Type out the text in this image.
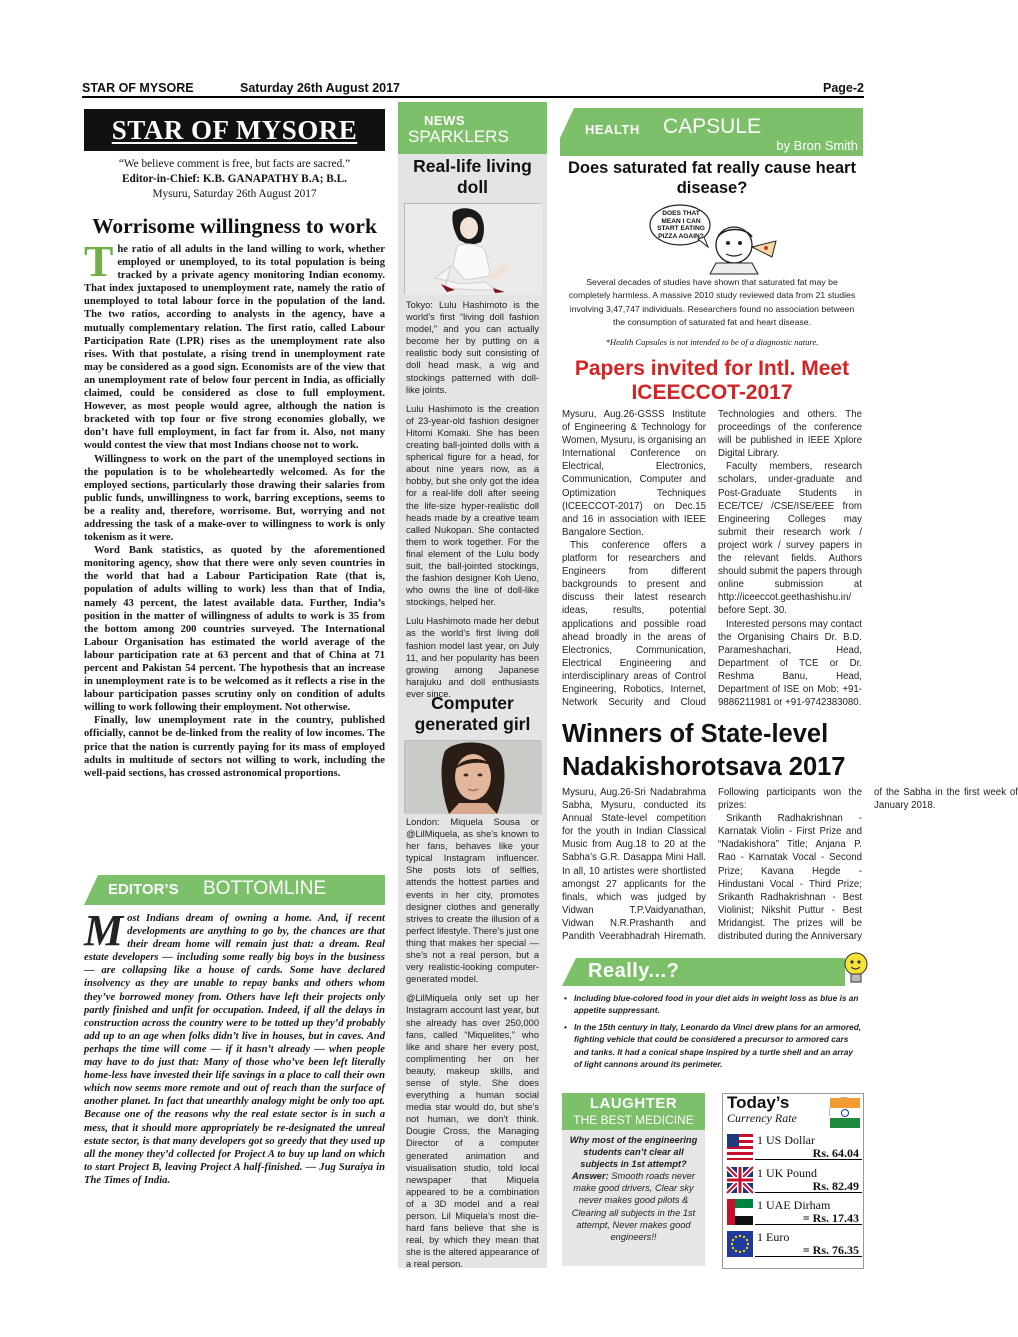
STAR OF MYSORE	Saturday 26th August 2017	Page-2
STAR OF MYSORE
“We believe comment is free, but facts are sacred.”
Editor-in-Chief: K.B. GANAPATHY B.A; B.L.
Mysuru, Saturday 26th August 2017
Worrisome willingness to work

The ratio of all adults in the land willing to work, whether employed or unemployed, to its total population is being tracked by a private agency monitoring Indian economy. That index juxtaposed to unemployment rate, namely the ratio of unemployed to total labour force in the population of the land. The two ratios, according to analysts in the agency, have a mutually complementary relation. The first ratio, called Labour Participation Rate (LPR) rises as the unemployment rate also rises. With that postulate, a rising trend in unemployment rate may be considered as a good sign. Economists are of the view that an unemployment rate of below four percent in India, as officially claimed, could be considered as close to full employment. However, as most people would agree, although the nation is bracketed with top four or five strong economies globally, we don’t have full employment, in fact far from it. Also, not many would contest the view that most Indians choose not to work.

Willingness to work on the part of the unemployed sections in the population is to be wholeheartedly welcomed. As for the employed sections, particularly those drawing their salaries from public funds, unwillingness to work, barring exceptions, seems to be a reality and, therefore, worrisome. But, worrying and not addressing the task of a make-over to willingness to work is only tokenism as it were.

Word Bank statistics, as quoted by the aforementioned monitoring agency, show that there were only seven countries in the world that had a Labour Participation Rate (that is, population of adults willing to work) less than that of India, namely 43 percent, the latest available data. Further, India’s position in the matter of willingness of adults to work is 35 from the bottom among 200 countries surveyed. The International Labour Organisation has estimated the world average of the labour participation rate at 63 percent and that of China at 71 percent and Pakistan 54 percent. The hypothesis that an increase in unemployment rate is to be welcomed as it reflects a rise in the labour participation passes scrutiny only on condition of adults willing to work following their employment. Not otherwise.

Finally, low unemployment rate in the country, published officially, cannot be de-linked from the reality of low incomes. The price that the nation is currently paying for its mass of employed adults in multitude of sectors not willing to work, including the well-paid sections, has crossed astronomical proportions.

EDITOR’S BOTTOMLINE

Most Indians dream of owning a home. And, if recent developments are anything to go by, the chances are that their dream home will remain just that: a dream. Real estate developers — including some really big boys in the business — are collapsing like a house of cards. Some have declared insolvency as they are unable to repay banks and others whom they’ve borrowed money from. Others have left their projects only partly finished and unfit for occupation. Indeed, if all the delays in construction across the country were to be totted up they’d probably add up to an age when folks didn’t live in houses, but in caves. And perhaps the time will come — if it hasn’t already — when people may have to do just that: Many of those who’ve been left literally home-less have invested their life savings in a place to call their own which now seems more remote and out of reach than the surface of another planet. In fact that unearthly analogy might be only too apt. Because one of the reasons why the real estate sector is in such a mess, that it should more appropriately be re-designated the unreal estate sector, is that many developers got so greedy that they used up all the money they’d collected for Project A to buy up land on which to start Project B, leaving Project A half-finished. — Jug Suraiya in The Times of India.

NEWS
SPARKLERS
Real-life living doll

Tokyo: Lulu Hashimoto is the world’s first “living doll fashion model,” and you can actually become her by putting on a realistic body suit consisting of doll head mask, a wig and stockings patterned with doll-like joints.

Lulu Hashimoto is the creation of 23-year-old fashion designer Hitomi Komaki. She has been creating ball-jointed dolls with a spherical figure for a head, for about nine years now, as a hobby, but she only got the idea for a real-life doll after seeing the life-size hyper-realistic doll heads made by a creative team called Nukopan. She contacted them to work together. For the final element of the Lulu body suit, the ball-jointed stockings, the fashion designer Koh Ueno, who owns the line of doll-like stockings, helped her.

Lulu Hashimoto made her debut as the world’s first living doll fashion model last year, on July 11, and her popularity has been growing among Japanese harajuku and doll enthusiasts ever since.

Computer generated girl

London: Miquela Sousa or @LilMiquela, as she’s known to her fans, behaves like your typical Instagram influencer. She posts lots of selfies, attends the hottest parties and events in her city, promotes designer clothes and generally strives to create the illusion of a perfect lifestyle. There’s just one thing that makes her special — she’s not a real person, but a very realistic-looking computer-generated model.

@LilMiquela only set up her Instagram account last year, but she already has over 250,000 fans, called “Miquelites,” who like and share her every post, complimenting her on her beauty, makeup skills, and sense of style. She does everything a human social media star would do, but she’s not human, we don’t think. Dougie Cross, the Managing Director of a computer generated animation and visualisation studio, told local newspaper that Miquela appeared to be a combination of a 3D model and a real person. Lil Miquela’s most die-hard fans believe that she is real, by which they mean that she is the altered appearance of a real person.

HEALTH CAPSULE
by Bron Smith
Does saturated fat really cause heart disease?
DOES THAT MEAN I CAN START EATING PIZZA AGAIN?
Several decades of studies have shown that saturated fat may be completely harmless. A massive 2010 study reviewed data from 21 studies involving 3,47,747 individuals. Researchers found no association between the consumption of saturated fat and heart disease.
*Health Capsules is not intended to be of a diagnostic nature.
Papers invited for Intl. Meet ICEECCOT-2017

Mysuru, Aug.26-GSSS Institute of Engineering & Technology for Women, Mysuru, is organising an International Conference on Electrical, Electronics, Communication, Computer and Optimization Techniques (ICEECCOT-2017) on Dec.15 and 16 in association with IEEE Bangalore Section.

This conference offers a platform for researchers and Engineers from different backgrounds to present and discuss their latest research ideas, results, potential applications and possible road ahead broadly in the areas of Electronics, Communication, Electrical Engineering and interdisciplinary areas of Control Engineering, Robotics, Internet, Network Security and Cloud Technologies and others. The proceedings of the conference will be published in IEEE Xplore Digital Library.

Faculty members, research scholars, under-graduate and Post-Graduate Students in ECE/TCE/ /CSE/ISE/EEE from Engineering Colleges may submit their research work / project work / survey papers in the relevant fields. Authors should submit the papers through online submission at http://iceeccot.geethashishu.in/ before Sept. 30.

Interested persons may contact the Organising Chairs Dr. B.D. Parameshachari, Head, Department of TCE or Dr. Reshma Banu, Head, Department of ISE on Mob: +91-9886211981 or +91-9742383080.

Winners of State-level
Nadakishorotsava 2017

Mysuru, Aug.26-Sri Nadabrahma Sabha, Mysuru, conducted its Annual State-level competition for the youth in Indian Classical Music from Aug.18 to 20 at the Sabha’s G.R. Dasappa Mini Hall. In all, 10 artistes were shortlisted amongst 27 applicants for the finals, which was judged by Vidwan T.P.Vaidyanathan, Vidwan N.R.Prashanth and Pandith Veerabhadrah Hiremath. Following participants won the prizes:

Srikanth Radhakrishnan - Karnatak Violin - First Prize and “Nadakishora” Title; Anjana P. Rao - Karnatak Vocal - Second Prize; Kavana Hegde - Hindustani Vocal - Third Prize; Srikanth Radhakrishnan - Best Violinist; Nikshit Puttur - Best Mridangist. The prizes will be distributed during the Anniversary of the Sabha in the first week of January 2018.

Really...?
• Including blue-colored food in your diet aids in weight loss as blue is an appetite suppressant.
• In the 15th century in Italy, Leonardo da Vinci drew plans for an armored, fighting vehicle that could be considered a precursor to armored cars and tanks. It had a conical shape inspired by a turtle shell and an array of light cannons around its perimeter.
LAUGHTER
THE BEST MEDICINE
Why most of the engineering students can’t clear all subjects in 1st attempt?
Answer: Smooth roads never make good drivers, Clear sky never makes good pilots & Clearing all subjects in the 1st attempt, Never makes good engineers!!
Today’s
Currency Rate
1 US Dollar
Rs. 64.04
1 UK Pound
Rs. 82.49
1 UAE Dirham
= Rs. 17.43
1 Euro
= Rs. 76.35
